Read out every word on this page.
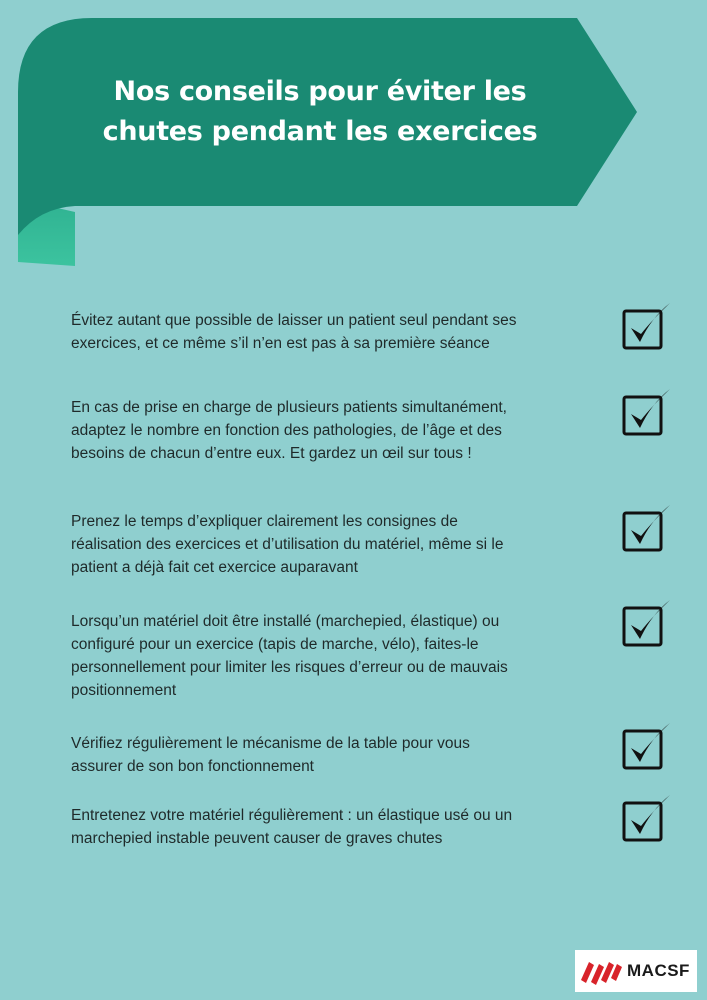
Nos conseils pour éviter les
chutes pendant les exercices
Évitez autant que possible de laisser un patient seul pendant ses
exercices, et ce même s’il n’en est pas à sa première séance
En cas de prise en charge de plusieurs patients simultanément,
adaptez le nombre en fonction des pathologies, de l’âge et des
besoins de chacun d’entre eux. Et gardez un œil sur tous !
Prenez le temps d’expliquer clairement les consignes de
réalisation des exercices et d’utilisation du matériel, même si le
patient a déjà fait cet exercice auparavant
Lorsqu’un matériel doit être installé (marchepied, élastique) ou
configuré pour un exercice (tapis de marche, vélo), faites-le
personnellement pour limiter les risques d’erreur ou de mauvais
positionnement
Vérifiez régulièrement le mécanisme de la table pour vous
assurer de son bon fonctionnement
Entretenez votre matériel régulièrement : un élastique usé ou un
marchepied instable peuvent causer de graves chutes
MACSF
